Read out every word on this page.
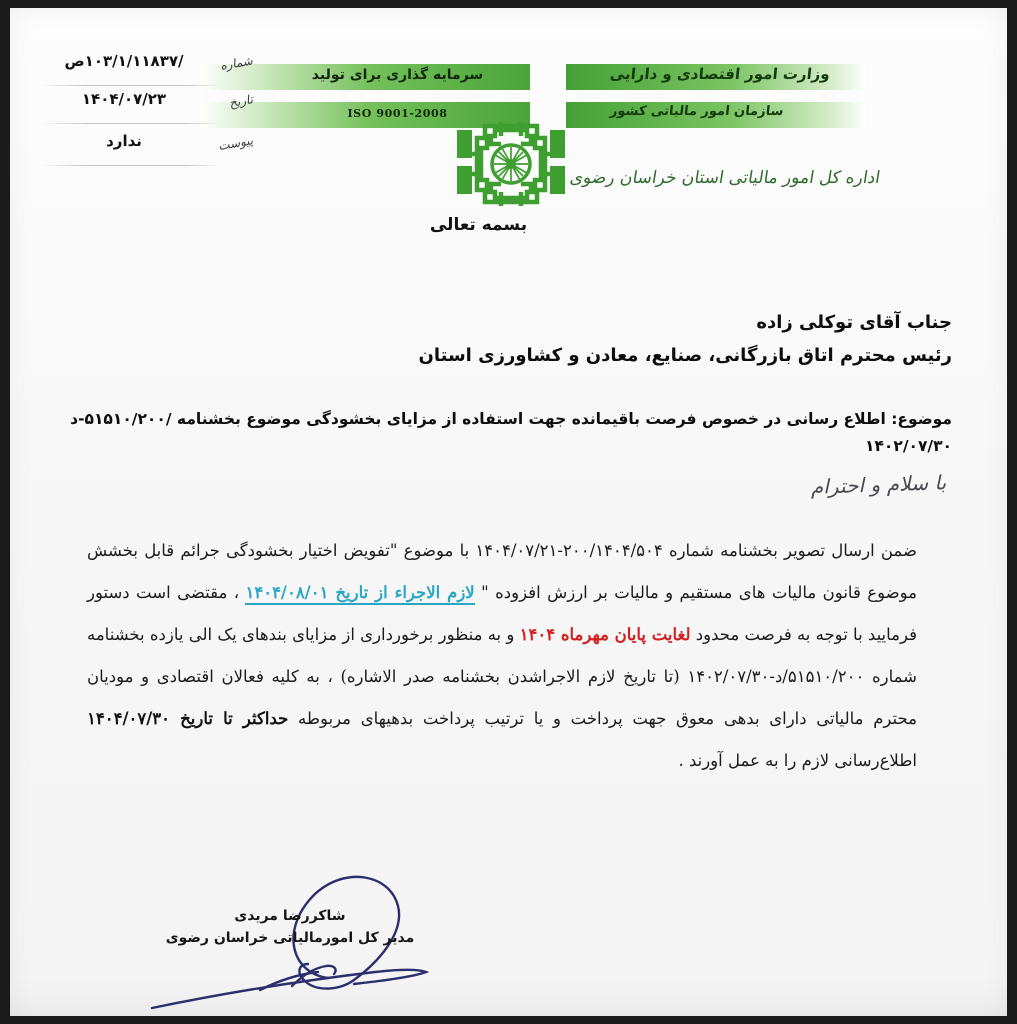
سرمایه گذاری برای تولید
ISO 9001-2008
وزارت امور اقتصادی و دارایی
سازمان امور مالیاتی کشور
اداره کل امور مالیاتی استان خراسان رضوی
/۱۰۳/۱/۱۱۸۳۷ص	شماره
۱۴۰۴/۰۷/۲۳	تاریخ
ندارد	پیوست
بسمه تعالی
جناب آقای توکلی زاده
رئیس محترم اتاق بازرگانی، صنایع، معادن و کشاورزی استان
موضوع: اطلاع رسانی در خصوص فرصت باقیمانده جهت استفاده از مزایای بخشودگی موضوع بخشنامه /۵۱۵۱۰/۲۰۰-د
۱۴۰۲/۰۷/۳۰
با سلام و احترام
ضمن ارسال تصویر بخشنامه شماره ۲۰۰/۱۴۰۴/۵۰۴-۱۴۰۴/۰۷/۲۱ با موضوع "تفویض اختیار بخشودگی جرائم قابل بخشش موضوع قانون مالیات های مستقیم و مالیات بر ارزش افزوده " لازم الاجراء از تاریخ ۱۴۰۴/۰۸/۰۱ ، مقتضی است دستور فرمایید با توجه به فرصت محدود لغایت پایان مهرماه ۱۴۰۴ و به منظور برخورداری از مزایای بندهای یک الی یازده بخشنامه شماره ۵۱۵۱۰/۲۰۰/د-۱۴۰۲/۰۷/۳۰ (تا تاریخ لازم الاجراشدن بخشنامه صدر الاشاره) ، به کلیه فعالان اقتصادی و مودیان محترم مالیاتی دارای بدهی معوق جهت پرداخت و یا ترتیب پرداخت بدهیهای مربوطه حداکثر تا تاریخ ۱۴۰۴/۰۷/۳۰ اطلاع‌رسانی لازم را به عمل آورند .
شاکررضا مریدی
مدیر کل امورمالیاتی خراسان رضوی
